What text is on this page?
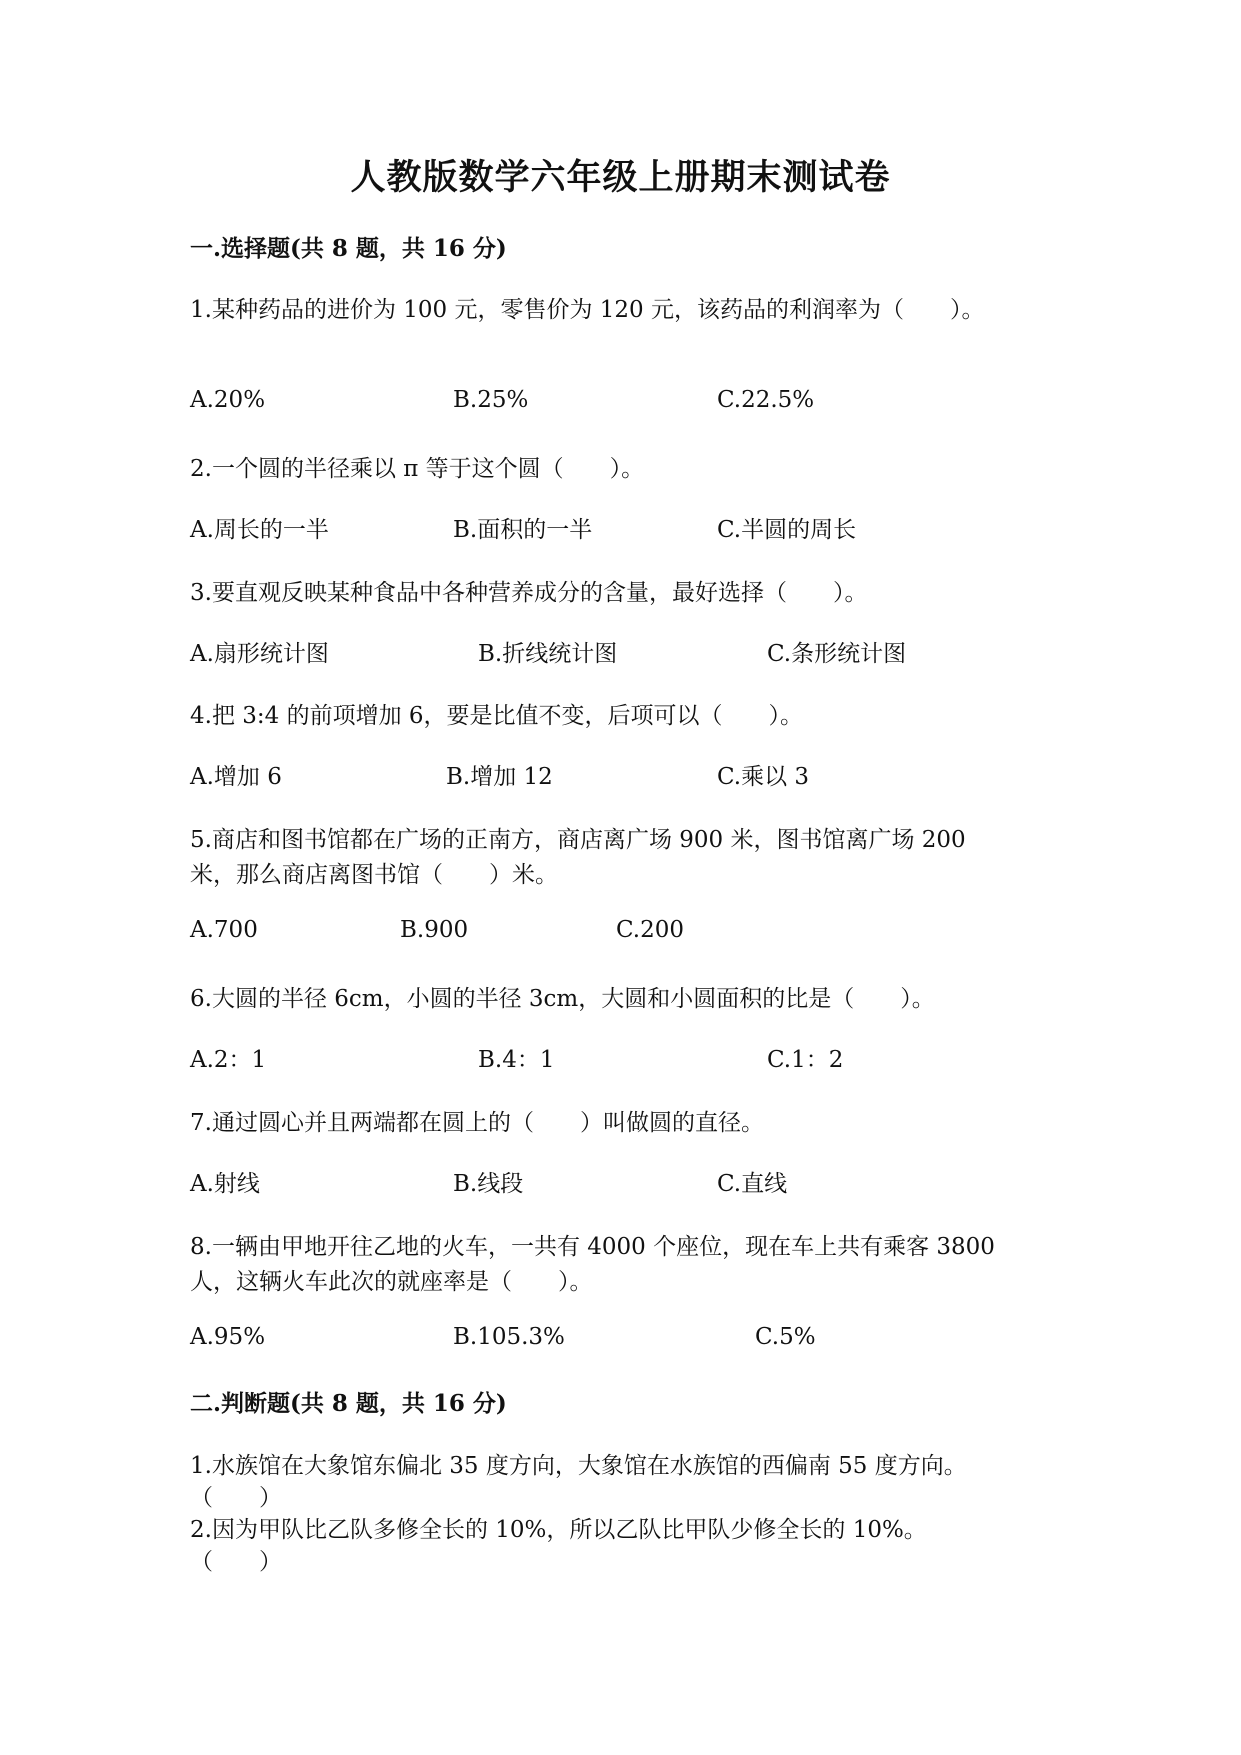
人教版数学六年级上册期末测试卷
一.选择题(共 8 题，共 16 分)
1.某种药品的进价为 100 元，零售价为 120 元，该药品的利润率为（　　）。
A.20%	B.25%	C.22.5%
2.一个圆的半径乘以 π 等于这个圆（　　）。
A.周长的一半	B.面积的一半	C.半圆的周长
3.要直观反映某种食品中各种营养成分的含量，最好选择（　　）。
A.扇形统计图	B.折线统计图	C.条形统计图
4.把 3:4 的前项增加 6，要是比值不变，后项可以（　　）。
A.增加 6	B.增加 12	C.乘以 3
5.商店和图书馆都在广场的正南方，商店离广场 900 米，图书馆离广场 200
米，那么商店离图书馆（　　）米。
A.700	B.900	C.200
6.大圆的半径 6cm，小圆的半径 3cm，大圆和小圆面积的比是（　　）。
A.2：1	B.4：1	C.1：2
7.通过圆心并且两端都在圆上的（　　）叫做圆的直径。
A.射线	B.线段	C.直线
8.一辆由甲地开往乙地的火车，一共有 4000 个座位，现在车上共有乘客 3800
人，这辆火车此次的就座率是（　　）。
A.95%	B.105.3%	C.5%
二.判断题(共 8 题，共 16 分)
1.水族馆在大象馆东偏北 35 度方向，大象馆在水族馆的西偏南 55 度方向。
（　　）
2.因为甲队比乙队多修全长的 10%，所以乙队比甲队少修全长的 10%。
（　　）
